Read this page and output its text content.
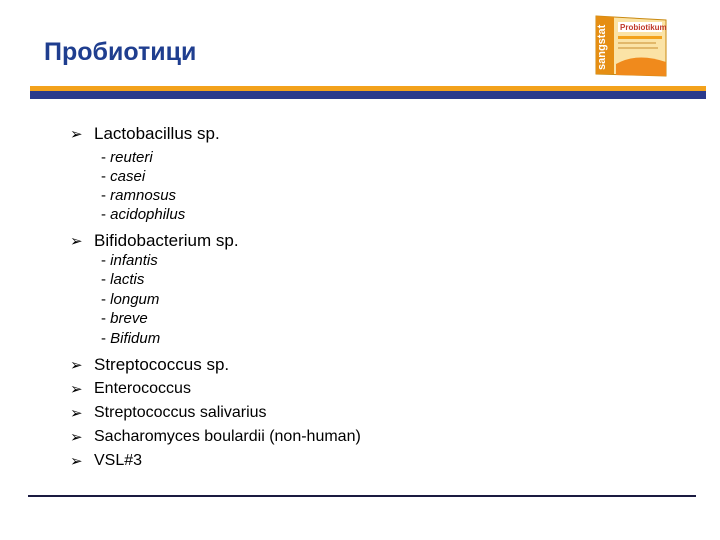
Пробиотици	sangstat Probiotikum
➢ Lactobacillus sp.
- reuteri
- casei
- ramnosus
- acidophilus
➢ Bifidobacterium sp.
- infantis
- lactis
- longum
- breve
- Bifidum
➢ Streptococcus sp.
➢ Enterococcus
➢ Streptococcus salivarius
➢ Sacharomyces boulardii (non-human)
➢ VSL#3
